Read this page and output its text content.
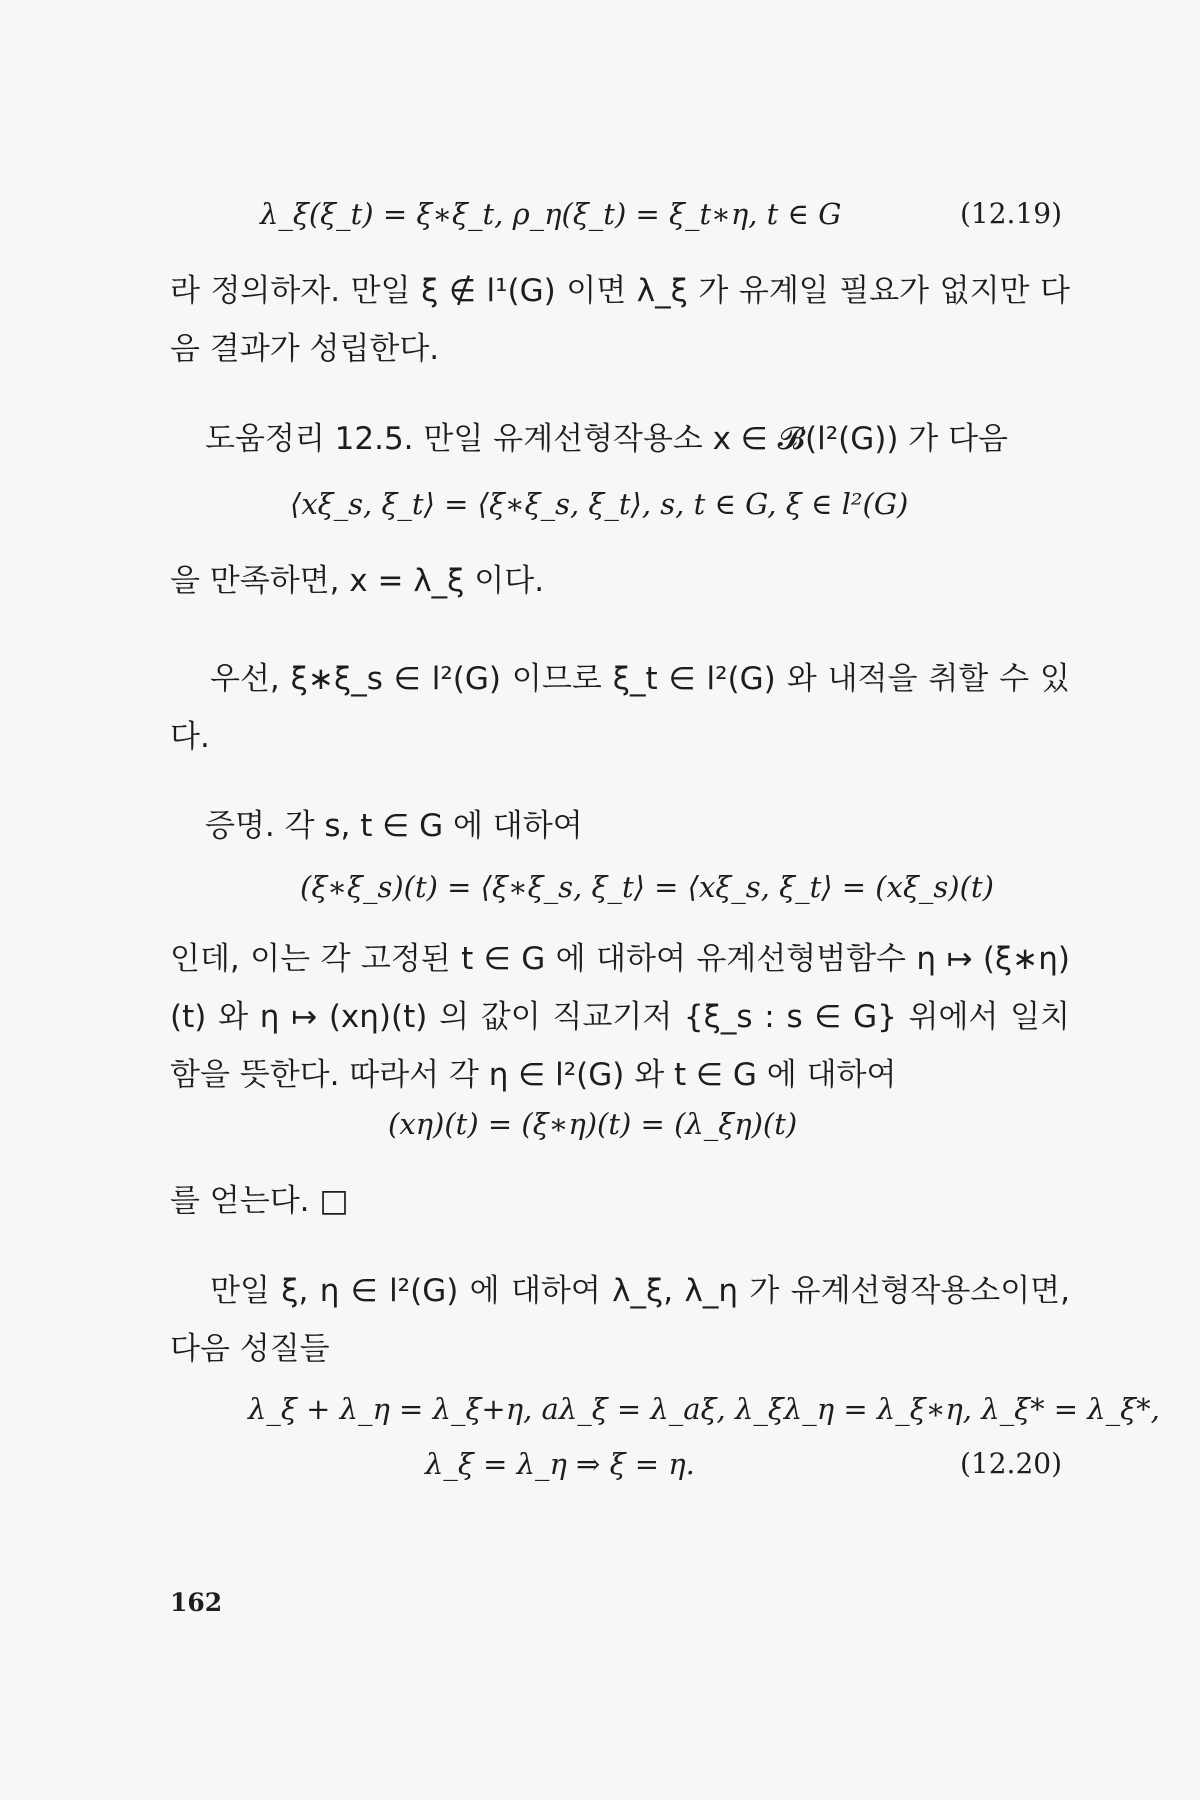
λ_ξ(ξ_t) = ξ∗ξ_t, ρ_η(ξ_t) = ξ_t∗η, t ∈ G	(12.19)
라 정의하자. 만일 ξ ∉ l¹(G) 이면 λ_ξ 가 유계일 필요가 없지만 다음 결과가 성립한다.
도움정리 12.5. 만일 유계선형작용소 x ∈ 𝓑(l²(G)) 가 다음
⟨xξ_s, ξ_t⟩ = ⟨ξ∗ξ_s, ξ_t⟩, s, t ∈ G, ξ ∈ l²(G)
을 만족하면, x = λ_ξ 이다.
우선, ξ∗ξ_s ∈ l²(G) 이므로 ξ_t ∈ l²(G) 와 내적을 취할 수 있다.
증명. 각 s, t ∈ G 에 대하여
(ξ∗ξ_s)(t) = ⟨ξ∗ξ_s, ξ_t⟩ = ⟨xξ_s, ξ_t⟩ = (xξ_s)(t)
인데, 이는 각 고정된 t ∈ G 에 대하여 유계선형범함수 η ↦ (ξ∗η)(t) 와 η ↦ (xη)(t) 의 값이 직교기저 {ξ_s : s ∈ G} 위에서 일치함을 뜻한다. 따라서 각 η ∈ l²(G) 와 t ∈ G 에 대하여
(xη)(t) = (ξ∗η)(t) = (λ_ξη)(t)
를 얻는다. □
만일 ξ, η ∈ l²(G) 에 대하여 λ_ξ, λ_η 가 유계선형작용소이면, 다음 성질들
λ_ξ + λ_η = λ_ξ+η, aλ_ξ = λ_aξ, λ_ξλ_η = λ_ξ∗η, λ_ξ* = λ_ξ*,
λ_ξ = λ_η ⇒ ξ = η.	(12.20)
162
